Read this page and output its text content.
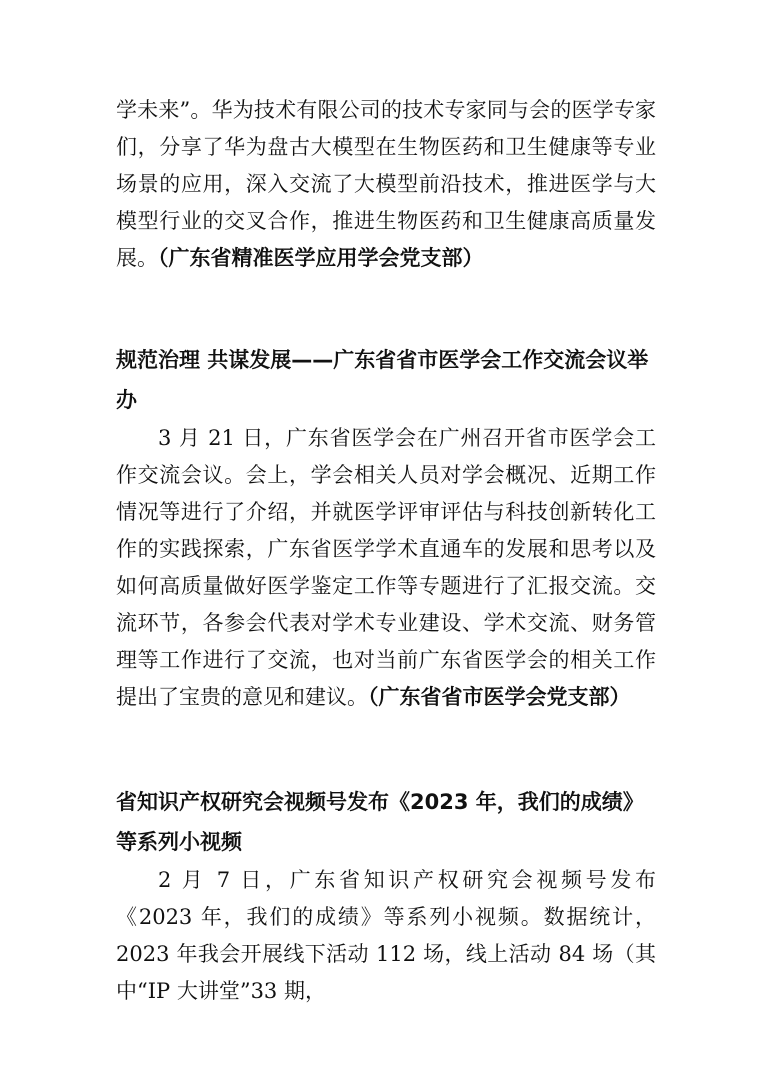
学未来”。华为技术有限公司的技术专家同与会的医学专家们，分享了华为盘古大模型在生物医药和卫生健康等专业场景的应用，深入交流了大模型前沿技术，推进医学与大模型行业的交叉合作，推进生物医药和卫生健康高质量发展。（广东省精准医学应用学会党支部）

规范治理 共谋发展——广东省省市医学会工作交流会议举办

3 月 21 日，广东省医学会在广州召开省市医学会工作交流会议。会上，学会相关人员对学会概况、近期工作情况等进行了介绍，并就医学评审评估与科技创新转化工作的实践探索，广东省医学学术直通车的发展和思考以及如何高质量做好医学鉴定工作等专题进行了汇报交流。交流环节，各参会代表对学术专业建设、学术交流、财务管理等工作进行了交流，也对当前广东省医学会的相关工作提出了宝贵的意见和建议。（广东省省市医学会党支部）

省知识产权研究会视频号发布《2023 年，我们的成绩》等系列小视频

2 月 7 日，广东省知识产权研究会视频号发布《2023 年，我们的成绩》等系列小视频。数据统计，2023 年我会开展线下活动 112 场，线上活动 84 场（其中“IP 大讲堂”33 期，
